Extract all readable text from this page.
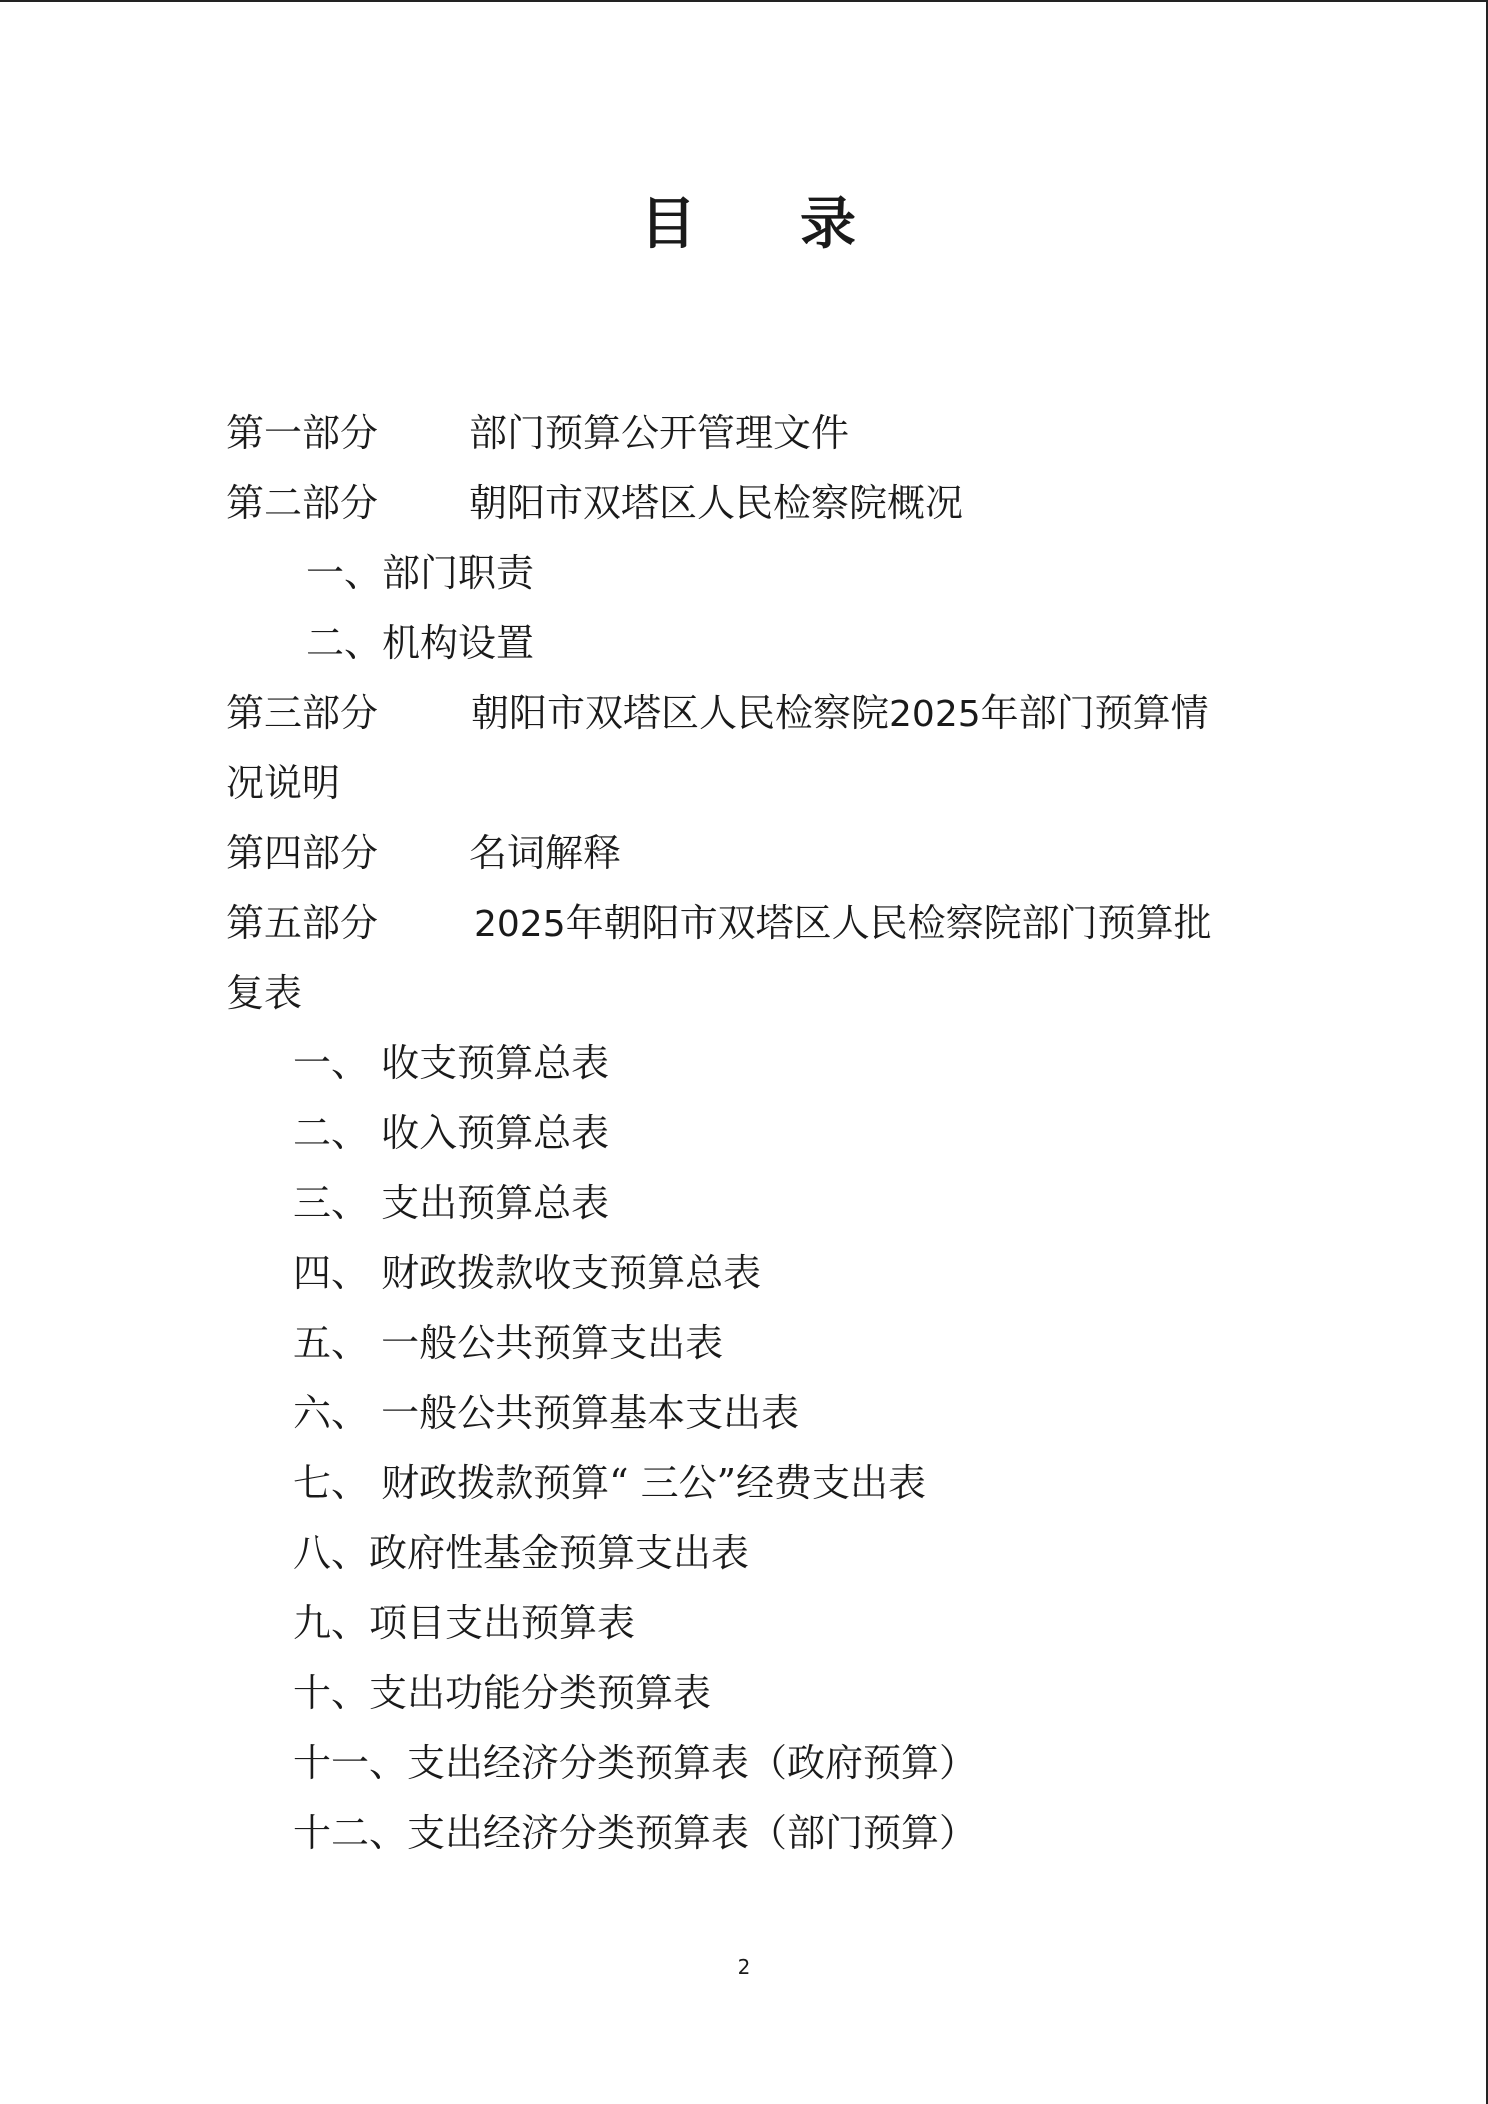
目 录
第一部分 部门预算公开管理文件
第二部分 朝阳市双塔区人民检察院概况
一、部门职责
二、机构设置
第三部分 朝阳市双塔区人民检察院2025年部门预算情
况说明
第四部分 名词解释
第五部分	2025年朝阳市双塔区人民检察院部门预算批
复表
一、 收支预算总表
二、 收入预算总表
三、 支出预算总表
四、 财政拨款收支预算总表
五、 一般公共预算支出表
六、 一般公共预算基本支出表
七、 财政拨款预算“ 三公”经费支出表
八、政府性基金预算支出表
九、项目支出预算表
十、支出功能分类预算表
十一、支出经济分类预算表（政府预算）
十二、支出经济分类预算表（部门预算）
2
